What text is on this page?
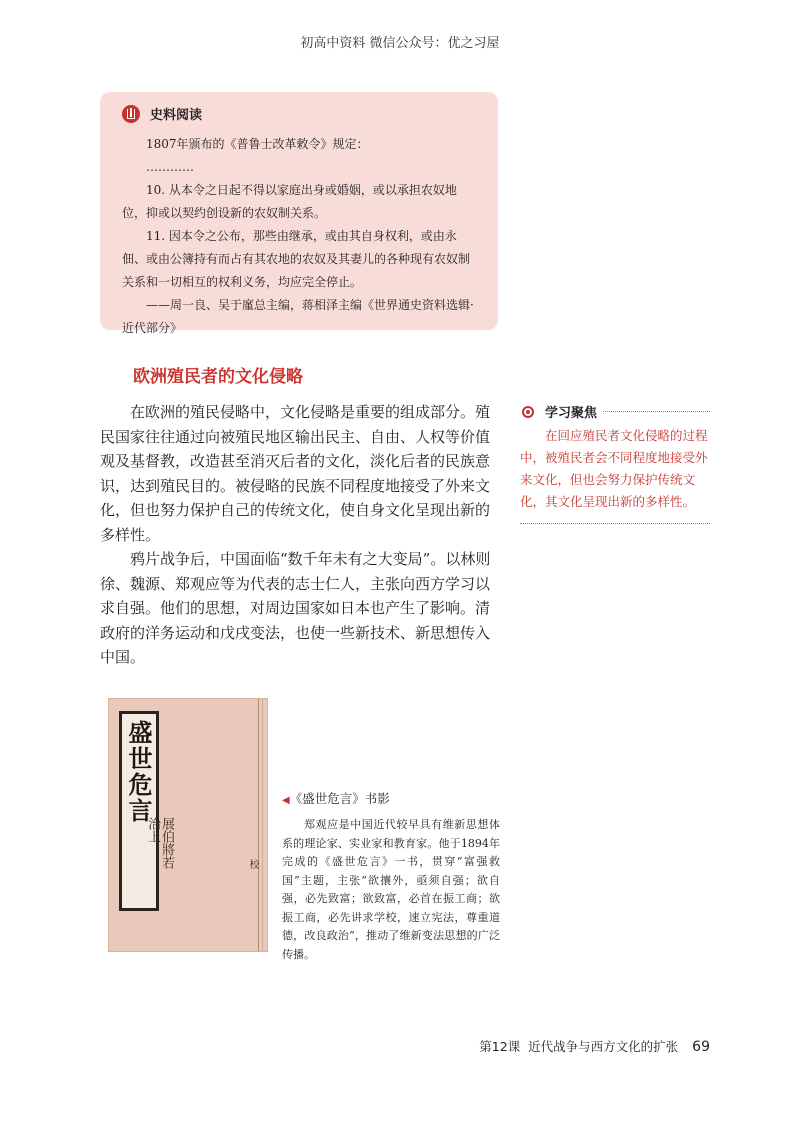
初高中资料 微信公众号：优之习屋
史料阅读

1807年颁布的《普鲁士改革敕令》规定：

…………

10. 从本令之日起不得以家庭出身或婚姻，或以承担农奴地位，抑或以契约创设新的农奴制关系。

11. 因本令之公布，那些由继承，或由其自身权利，或由永佃、或由公簿持有而占有其农地的农奴及其妻儿的各种现有农奴制关系和一切相互的权利义务，均应完全停止。

——周一良、吴于廑总主编，蒋相泽主编《世界通史资料选辑·近代部分》

欧洲殖民者的文化侵略

在欧洲的殖民侵略中，文化侵略是重要的组成部分。殖民国家往往通过向被殖民地区输出民主、自由、人权等价值观及基督教，改造甚至消灭后者的文化，淡化后者的民族意识，达到殖民目的。被侵略的民族不同程度地接受了外来文化，但也努力保护自己的传统文化，使自身文化呈现出新的多样性。

鸦片战争后，中国面临“数千年未有之大变局”。以林则徐、魏源、郑观应等为代表的志士仁人，主张向西方学习以求自强。他们的思想，对周边国家如日本也产生了影响。清政府的洋务运动和戊戌变法，也使一些新技术、新思想传入中国。

学习聚焦
在回应殖民者文化侵略的过程中，被殖民者会不同程度地接受外来文化，但也会努力保护传统文化，其文化呈现出新的多样性。
盛世危言
展伯將若治上
校
◀《盛世危言》书影
郑观应是中国近代较早具有维新思想体系的理论家、实业家和教育家。他于1894年完成的《盛世危言》一书，贯穿“富强救国”主题，主张“欲攘外，亟须自强；欲自强，必先致富；欲致富，必首在振工商；欲振工商，必先讲求学校，速立宪法，尊重道德，改良政治”，推动了维新变法思想的广泛传播。
第12课 近代战争与西方文化的扩张 69
